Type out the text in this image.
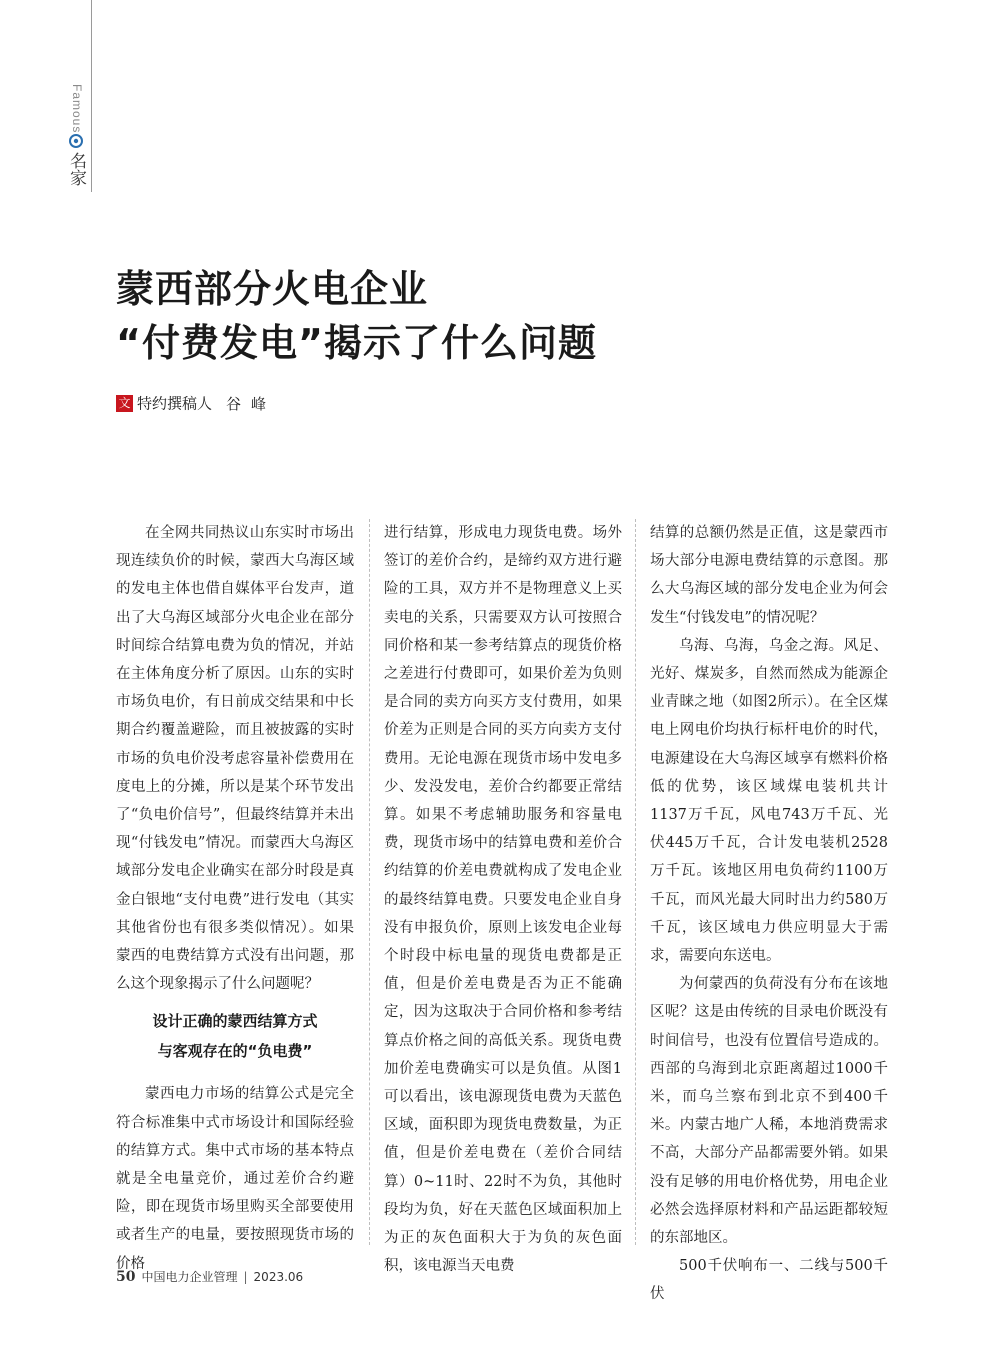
Famous
名家
蒙西部分火电企业
“付费发电”揭示了什么问题
文 特约撰稿人 谷峰

在全网共同热议山东实时市场出现连续负价的时候，蒙西大乌海区域的发电主体也借自媒体平台发声，道出了大乌海区域部分火电企业在部分时间综合结算电费为负的情况，并站在主体角度分析了原因。山东的实时市场负电价，有日前成交结果和中长期合约覆盖避险，而且被披露的实时市场的负电价没考虑容量补偿费用在度电上的分摊，所以是某个环节发出了“负电价信号”，但最终结算并未出现“付钱发电”情况。而蒙西大乌海区域部分发电企业确实在部分时段是真金白银地“支付电费”进行发电（其实其他省份也有很多类似情况）。如果蒙西的电费结算方式没有出问题，那么这个现象揭示了什么问题呢？

设计正确的蒙西结算方式
与客观存在的“负电费”

蒙西电力市场的结算公式是完全符合标准集中式市场设计和国际经验的结算方式。集中式市场的基本特点就是全电量竞价，通过差价合约避险，即在现货市场里购买全部要使用或者生产的电量，要按照现货市场的价格

进行结算，形成电力现货电费。场外签订的差价合约，是缔约双方进行避险的工具，双方并不是物理意义上买卖电的关系，只需要双方认可按照合同价格和某一参考结算点的现货价格之差进行付费即可，如果价差为负则是合同的卖方向买方支付费用，如果价差为正则是合同的买方向卖方支付费用。无论电源在现货市场中发电多少、发没发电，差价合约都要正常结算。如果不考虑辅助服务和容量电费，现货市场中的结算电费和差价合约结算的价差电费就构成了发电企业的最终结算电费。只要发电企业自身没有申报负价，原则上该发电企业每个时段中标电量的现货电费都是正值，但是价差电费是否为正不能确定，因为这取决于合同价格和参考结算点价格之间的高低关系。现货电费加价差电费确实可以是负值。从图1可以看出，该电源现货电费为天蓝色区域，面积即为现货电费数量，为正值，但是价差电费在（差价合同结算）0~11时、22时不为负，其他时段均为负，好在天蓝色区域面积加上为正的灰色面积大于为负的灰色面积，该电源当天电费

结算的总额仍然是正值，这是蒙西市场大部分电源电费结算的示意图。那么大乌海区域的部分发电企业为何会发生“付钱发电”的情况呢？

乌海、乌海，乌金之海。风足、光好、煤炭多，自然而然成为能源企业青睐之地（如图2所示）。在全区煤电上网电价均执行标杆电价的时代，电源建设在大乌海区域享有燃料价格低的优势，该区域煤电装机共计1137万千瓦，风电743万千瓦、光伏445万千瓦，合计发电装机2528万千瓦。该地区用电负荷约1100万千瓦，而风光最大同时出力约580万千瓦，该区域电力供应明显大于需求，需要向东送电。

为何蒙西的负荷没有分布在该地区呢？这是由传统的目录电价既没有时间信号，也没有位置信号造成的。西部的乌海到北京距离超过1000千米，而乌兰察布到北京不到400千米。内蒙古地广人稀，本地消费需求不高，大部分产品都需要外销。如果没有足够的用电价格优势，用电企业必然会选择原材料和产品运距都较短的东部地区。

500千伏响布一、二线与500千伏

50 中国电力企业管理 | 2023.06
